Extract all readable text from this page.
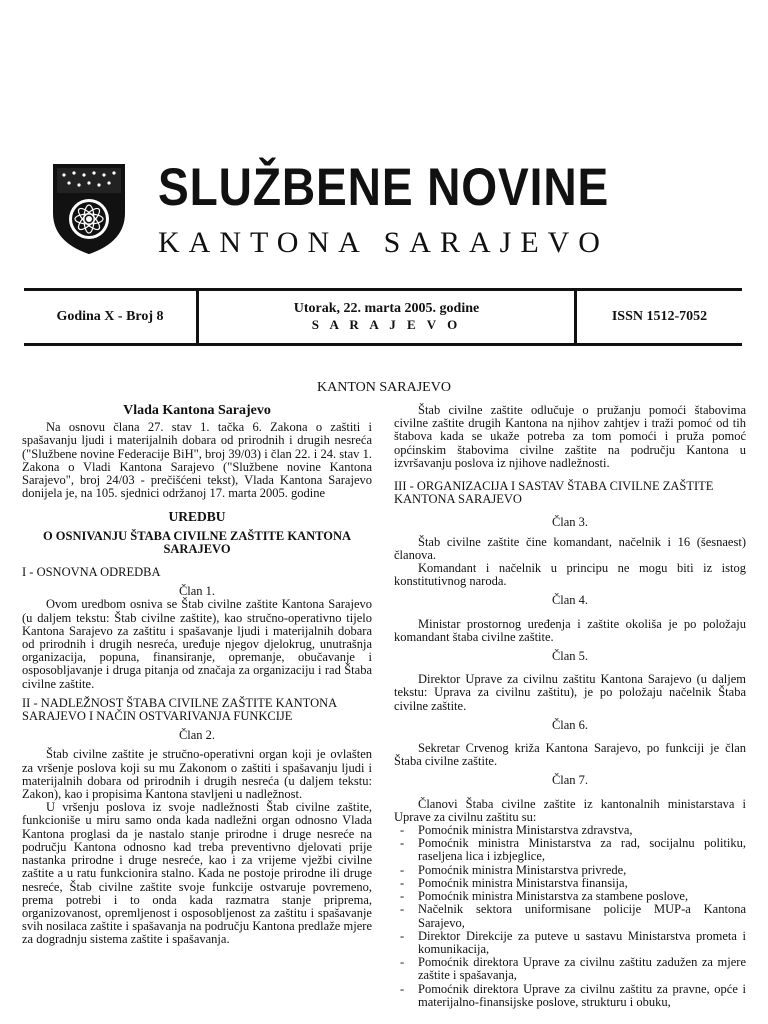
SLUŽBENE NOVINE
KANTONA SARAJEVO
Godina X - Broj 8
Utorak, 22. marta 2005. godine
S A R A J E V O
ISSN 1512-7052
KANTON SARAJEVO

Vlada Kantona Sarajevo

Na osnovu člana 27. stav 1. tačka 6. Zakona o zaštiti i spašavanju ljudi i materijalnih dobara od prirodnih i drugih nesreća ("Službene novine Federacije BiH", broj 39/03) i član 22. i 24. stav 1. Zakona o Vladi Kantona Sarajevo ("Službene novine Kantona Sarajevo", broj 24/03 - prečišćeni tekst), Vlada Kantona Sarajevo donijela je, na 105. sjednici održanoj 17. marta 2005. godine

UREDBU

O OSNIVANJU ŠTABA CIVILNE ZAŠTITE KANTONA SARAJEVO

I - OSNOVNA ODREDBA

Član 1.

Ovom uredbom osniva se Štab civilne zaštite Kantona Sarajevo (u daljem tekstu: Štab civilne zaštite), kao stručno-operativno tijelo Kantona Sarajevo za zaštitu i spašavanje ljudi i materijalnih dobara od prirodnih i drugih nesreća, uređuje njegov djelokrug, unutrašnja organizacija, popuna, finansiranje, opremanje, obučavanje i osposobljavanje i druga pitanja od značaja za organizaciju i rad Štaba civilne zaštite.

II - NADLEŽNOST ŠTABA CIVILNE ZAŠTITE KANTONA SARAJEVO I NAČIN OSTVARIVANJA FUNKCIJE

Član 2.

Štab civilne zaštite je stručno-operativni organ koji je ovlašten za vršenje poslova koji su mu Zakonom o zaštiti i spašavanju ljudi i materijalnih dobara od prirodnih i drugih nesreća (u daljem tekstu: Zakon), kao i propisima Kantona stavljeni u nadležnost.

U vršenju poslova iz svoje nadležnosti Štab civilne zaštite, funkcioniše u miru samo onda kada nadležni organ odnosno Vlada Kantona proglasi da je nastalo stanje prirodne i druge nesreće na području Kantona odnosno kad treba preventivno djelovati prije nastanka prirodne i druge nesreće, kao i za vrijeme vježbi civilne zaštite a u ratu funkcionira stalno. Kada ne postoje prirodne ili druge nesreće, Štab civilne zaštite svoje funkcije ostvaruje povremeno, prema potrebi i to onda kada razmatra stanje priprema, organizovanost, opremljenost i osposobljenost za zaštitu i spašavanje svih nosilaca zaštite i spašavanja na području Kantona predlaže mjere za dogradnju sistema zaštite i spašavanja.

Štab civilne zaštite odlučuje o pružanju pomoći štabovima civilne zaštite drugih Kantona na njihov zahtjev i traži pomoć od tih štabova kada se ukaže potreba za tom pomoći i pruža pomoć općinskim štabovima civilne zaštite na području Kantona u izvršavanju poslova iz njihove nadležnosti.

III - ORGANIZACIJA I SASTAV ŠTABA CIVILNE ZAŠTITE KANTONA SARAJEVO

Član 3.

Štab civilne zaštite čine komandant, načelnik i 16 (šesnaest) članova.

Komandant i načelnik u principu ne mogu biti iz istog konstitutivnog naroda.

Član 4.

Ministar prostornog uređenja i zaštite okoliša je po položaju komandant štaba civilne zaštite.

Član 5.

Direktor Uprave za civilnu zaštitu Kantona Sarajevo (u daljem tekstu: Uprava za civilnu zaštitu), je po položaju načelnik Štaba civilne zaštite.

Član 6.

Sekretar Crvenog križa Kantona Sarajevo, po funkciji je član Štaba civilne zaštite.

Član 7.

Članovi Štaba civilne zaštite iz kantonalnih ministarstava i Uprave za civilnu zaštitu su:

- Pomoćnik ministra Ministarstva zdravstva,
- Pomoćnik ministra Ministarstva za rad, socijalnu politiku, raseljena lica i izbjeglice,
- Pomoćnik ministra Ministarstva privrede,
- Pomoćnik ministra Ministarstva finansija,
- Pomoćnik ministra Ministarstva za stambene poslove,
- Načelnik sektora uniformisane policije MUP-a Kantona Sarajevo,
- Direktor Direkcije za puteve u sastavu Ministarstva prometa i komunikacija,
- Pomoćnik direktora Uprave za civilnu zaštitu zadužen za mjere zaštite i spašavanja,
- Pomoćnik direktora Uprave za civilnu zaštitu za pravne, opće i materijalno-finansijske poslove, strukturu i obuku,
